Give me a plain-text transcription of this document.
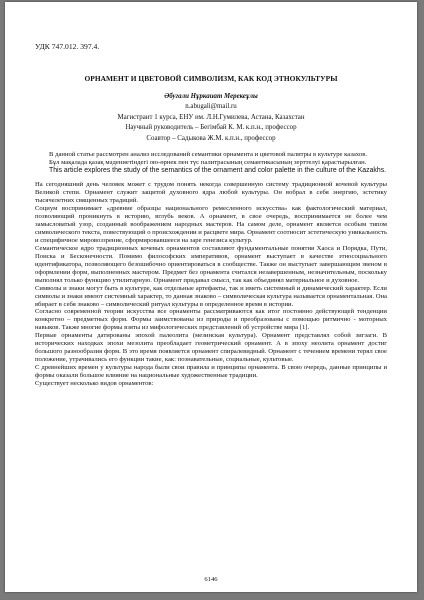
УДК 747.012. 397.4.
ОРНАМЕНТ И ЦВЕТОВОЙ СИМВОЛИЗМ, КАК КОД ЭТНОКУЛЬТУРЫ
Әбугали Нұркаиат Мерекеұлы
n.abugali@mail.ru
Магистрант 1 курса, ЕНУ им. Л.Н.Гумилева, Астана, Казахстан
Научный руководитель – Бегімбай К. М. к.п.н., профессор
Соавтор – Садыкова Ж.М. к.п.н., профессор

В данной статье рассмотрен анализ исследований семантики орнамента и цветовой палитры в культуре казахов.

Бұл мақалада қазақ мәдениетіндегі ою-өрнек пен түс палитрасының семантикасының зерттелуі қарастырылған.

This article explores the study of the semantics of the ornament and color palette in the culture of the Kazakhs.

На сегодняшний день человек может с трудом понять некогда совершенную систему традиционной кочевой культуры Великой степи. Орнамент служит защитой духовного ядра любой культуры. Он вобрал в себя энергию, эстетику тысячелетних священных традиций.

Социум воспринимает «древние образцы национального ремесленного искусства» как фактологический материал, позволяющий проникнуть в историю, вглубь веков. А орнамент, в свое очередь, воспринимается не более чем замысловатый узор, созданный воображением народных мастеров. На самом деле, орнамент является особым типом символического текста, повествующий о происхождении и расцвете мира. Орнамент соотносит эстетическую уникальность и специфичное мировоззрение, сформировавшееся на заре генезиса культур.

Семантическое ядро традиционных кочевых орнаментов составляют фундаментальные понятия Хаоса и Порядка, Пути, Поиска и Бесконечности. Помимо философских императивов, орнамент выступает в качестве этносоциального идентификатора, позволяющего безошибочно ориентироваться в сообществе. Также он выступает завершающим звеном в оформлении форм, выполненных мастером. Предмет без орнамента считался незавершенным, незначительным, поскольку выполнял только функцию утилитарную. Орнамент придавал смысл, так как объединял материальное и духовное.

Символы и знаки могут быть в культуре, как отдельные артефакты, так и иметь системный и динамический характер. Если символы и знаки имеют системный характер, то данная знаково – символическая культура называется орнаментальная. Она вбирает в себя знаково – символический ритуал культуры в определенное время в истории.

Согласно современной теории искусства все орнаменты рассматриваются как итог постоянно действующей тенденции конкретно – предметных форм. Формы заимствованы из природы и преобразованы с помощью ритмично - моторных навыков. Также многие формы взяты из мифологических представлений об устройстве мира [1].

Первые орнаменты датированы эпохой палеолита (мезинская культура). Орнамент представлял собой зигзаги. В исторических находках эпохи мезолита преобладает геометрический орнамент. А в эпоху неолита орнамент достиг большого разнообразия форм. В это время появляется орнамент спиралевидный. Орнамент с течением времени терял свое положение, утрачивались его функции такие, как: познавательные, социальные, культовые.

С древнейших времен у культуры народа были свои правила и принципы орнамента. В свою очередь, данные принципы и формы оказали большое влияние на национальные художественные традиции.

Существует несколько видов орнаментов:

6146
